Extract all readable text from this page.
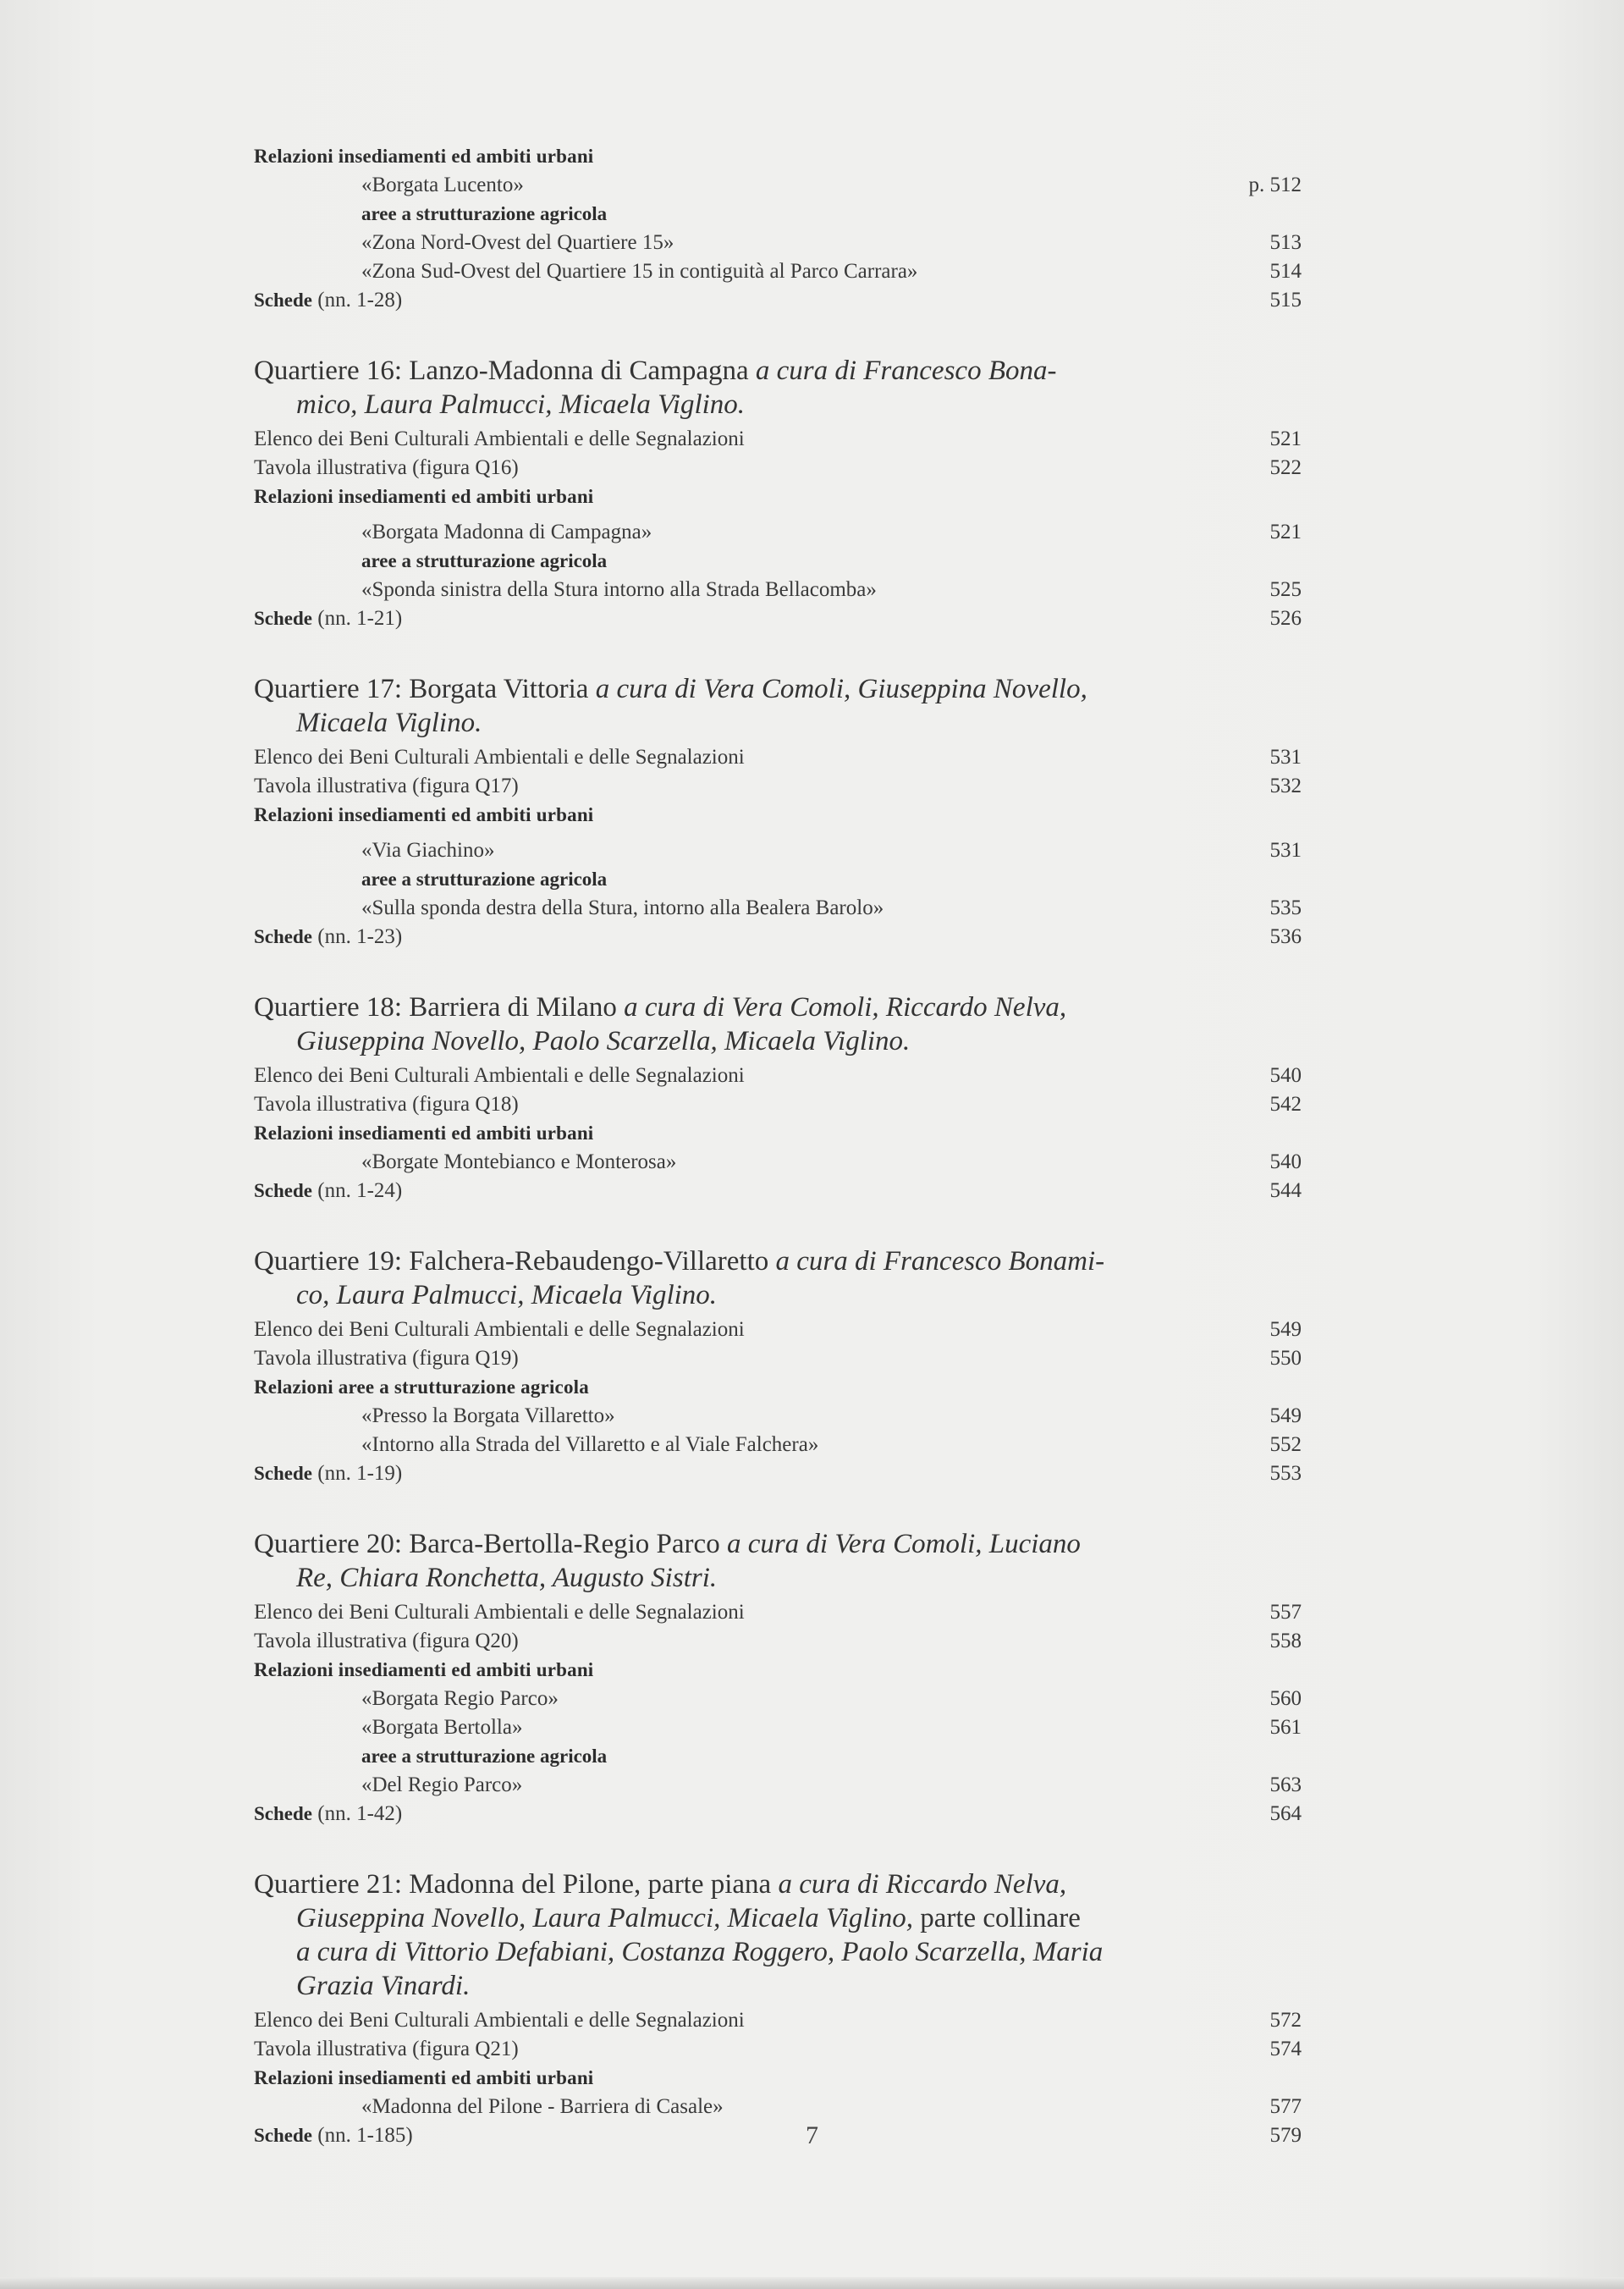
Relazioni insediamenti ed ambiti urbani
«Borgata Lucento»	p. 512
aree a strutturazione agricola
«Zona Nord-Ovest del Quartiere 15»	513
«Zona Sud-Ovest del Quartiere 15 in contiguità al Parco Carrara»	514
Schede (nn. 1-28)	515
Quartiere 16: Lanzo-Madonna di Campagna a cura di Francesco Bona-
mico, Laura Palmucci, Micaela Viglino.
Elenco dei Beni Culturali Ambientali e delle Segnalazioni	521
Tavola illustrativa (figura Q16)	522
Relazioni insediamenti ed ambiti urbani
«Borgata Madonna di Campagna»	521
aree a strutturazione agricola
«Sponda sinistra della Stura intorno alla Strada Bellacomba»	525
Schede (nn. 1-21)	526
Quartiere 17: Borgata Vittoria a cura di Vera Comoli, Giuseppina Novello,
Micaela Viglino.
Elenco dei Beni Culturali Ambientali e delle Segnalazioni	531
Tavola illustrativa (figura Q17)	532
Relazioni insediamenti ed ambiti urbani
«Via Giachino»	531
aree a strutturazione agricola
«Sulla sponda destra della Stura, intorno alla Bealera Barolo»	535
Schede (nn. 1-23)	536
Quartiere 18: Barriera di Milano a cura di Vera Comoli, Riccardo Nelva,
Giuseppina Novello, Paolo Scarzella, Micaela Viglino.
Elenco dei Beni Culturali Ambientali e delle Segnalazioni	540
Tavola illustrativa (figura Q18)	542
Relazioni insediamenti ed ambiti urbani
«Borgate Montebianco e Monterosa»	540
Schede (nn. 1-24)	544
Quartiere 19: Falchera-Rebaudengo-Villaretto a cura di Francesco Bonami-
co, Laura Palmucci, Micaela Viglino.
Elenco dei Beni Culturali Ambientali e delle Segnalazioni	549
Tavola illustrativa (figura Q19)	550
Relazioni aree a strutturazione agricola
«Presso la Borgata Villaretto»	549
«Intorno alla Strada del Villaretto e al Viale Falchera»	552
Schede (nn. 1-19)	553
Quartiere 20: Barca-Bertolla-Regio Parco a cura di Vera Comoli, Luciano
Re, Chiara Ronchetta, Augusto Sistri.
Elenco dei Beni Culturali Ambientali e delle Segnalazioni	557
Tavola illustrativa (figura Q20)	558
Relazioni insediamenti ed ambiti urbani
«Borgata Regio Parco»	560
«Borgata Bertolla»	561
aree a strutturazione agricola
«Del Regio Parco»	563
Schede (nn. 1-42)	564
Quartiere 21: Madonna del Pilone, parte piana a cura di Riccardo Nelva,
Giuseppina Novello, Laura Palmucci, Micaela Viglino, parte collinare
a cura di Vittorio Defabiani, Costanza Roggero, Paolo Scarzella, Maria
Grazia Vinardi.
Elenco dei Beni Culturali Ambientali e delle Segnalazioni	572
Tavola illustrativa (figura Q21)	574
Relazioni insediamenti ed ambiti urbani
«Madonna del Pilone - Barriera di Casale»	577
Schede (nn. 1-185)	579
7
